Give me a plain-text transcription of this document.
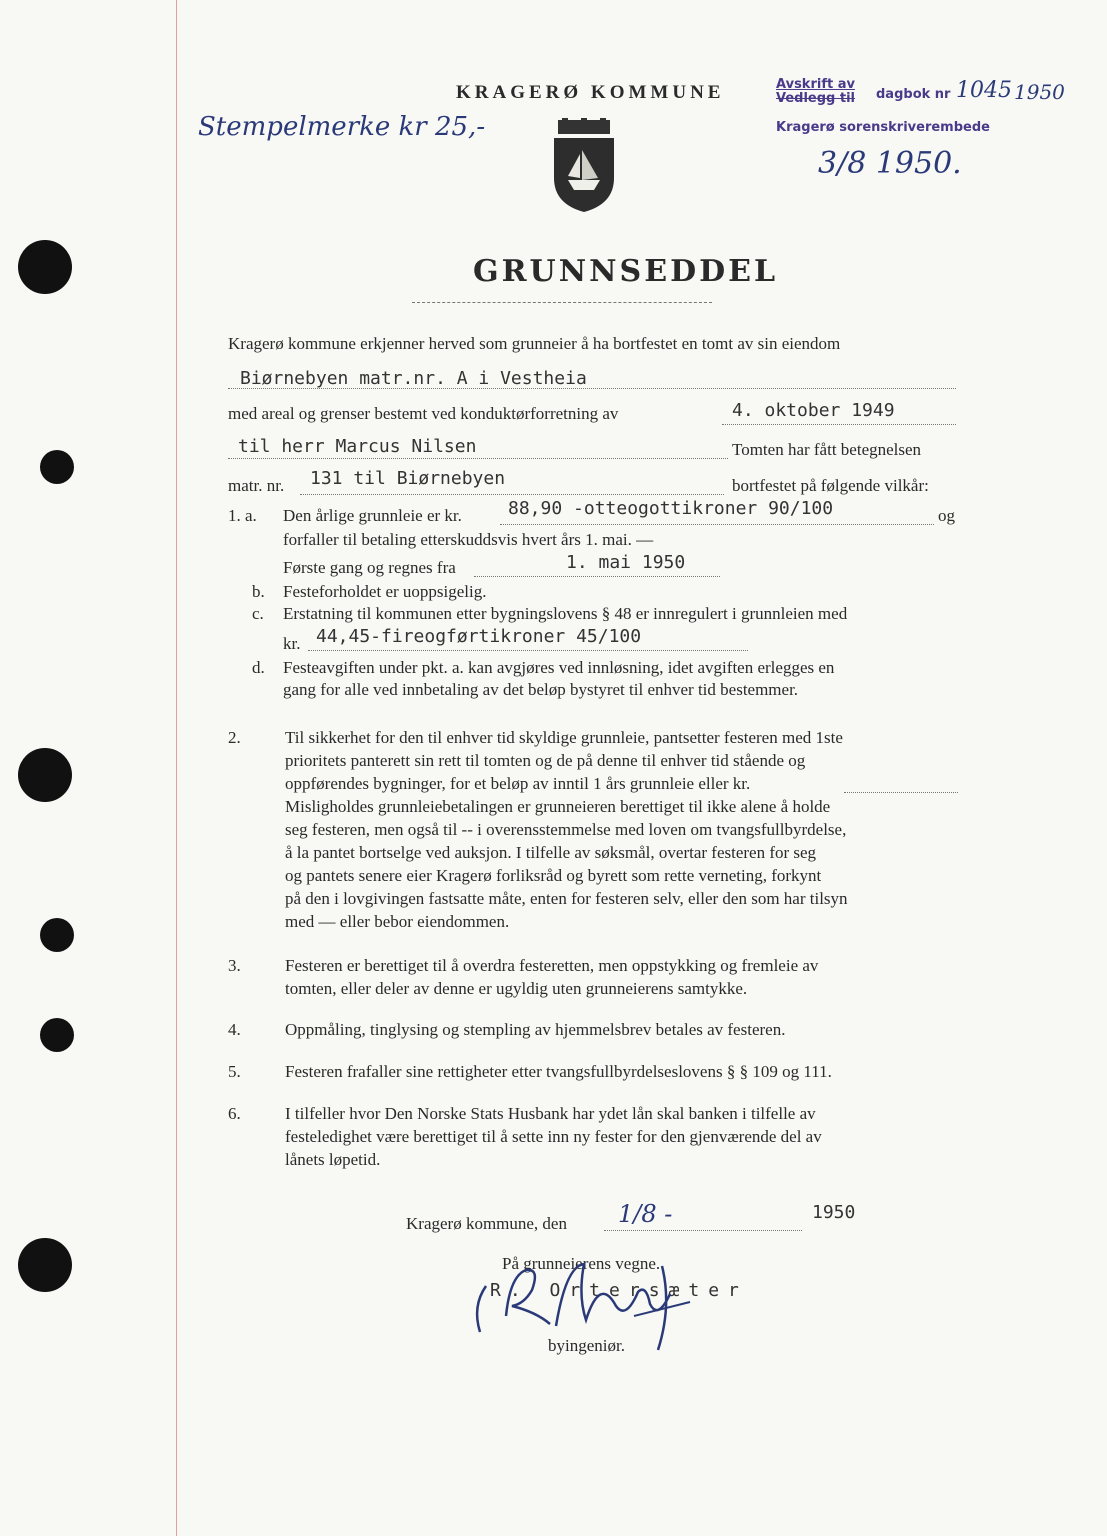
KRAGERØ KOMMUNE
Stempelmerke kr 25,-
Avskrift av
Vedlegg til dagbok nr 1045 1950
Kragerø sorenskriverembede
3/8 1950.
GRUNNSEDDEL
Kragerø kommune erkjenner herved som grunneier å ha bortfestet en tomt av sin eiendom
Biørnebyen matr.nr. A i Vestheia
med areal og grenser bestemt ved konduktørforretning av	4. oktober 1949
til herr Marcus Nilsen	Tomten har fått betegnelsen
matr. nr. 131 til Biørnebyen	bortfestet på følgende vilkår:
1. a. Den årlige grunnleie er kr.	88,90 -otteogottikroner 90/100	og
forfaller til betaling etterskuddsvis hvert års 1. mai. —
Første gang og regnes fra	1. mai 1950
b. Festeforholdet er uoppsigelig.
c. Erstatning til kommunen etter bygningslovens § 48 er innregulert i grunnleien med
kr. 44,45-fireogførtikroner 45/100
d. Festeavgiften under pkt. a. kan avgjøres ved innløsning, idet avgiften erlegges en
gang for alle ved innbetaling av det beløp bystyret til enhver tid bestemmer.
2.	Til sikkerhet for den til enhver tid skyldige grunnleie, pantsetter festeren med 1ste
prioritets panterett sin rett til tomten og de på denne til enhver tid stående og
oppførendes bygninger, for et beløp av inntil 1 års grunnleie eller kr.
Misligholdes grunnleiebetalingen er grunneieren berettiget til ikke alene å holde
seg festeren, men også til -- i overensstemmelse med loven om tvangsfullbyrdelse,
å la pantet bortselge ved auksjon. I tilfelle av søksmål, overtar festeren for seg
og pantets senere eier Kragerø forliksråd og byrett som rette verneting, forkynt
på den i lovgivingen fastsatte måte, enten for festeren selv, eller den som har tilsyn
med — eller bebor eiendommen.
3.	Festeren er berettiget til å overdra festeretten, men oppstykking og fremleie av
tomten, eller deler av denne er ugyldig uten grunneierens samtykke.
4.	Oppmåling, tinglysing og stempling av hjemmelsbrev betales av festeren.
5.	Festeren frafaller sine rettigheter etter tvangsfullbyrdelseslovens § § 109 og 111.
6.	I tilfeller hvor Den Norske Stats Husbank har ydet lån skal banken i tilfelle av
festeledighet være berettiget til å sette inn ny fester for den gjenværende del av
lånets løpetid.
Kragerø kommune, den 1/8 -	1950
På grunneierens vegne.
R. Ortersæter
byingeniør.
